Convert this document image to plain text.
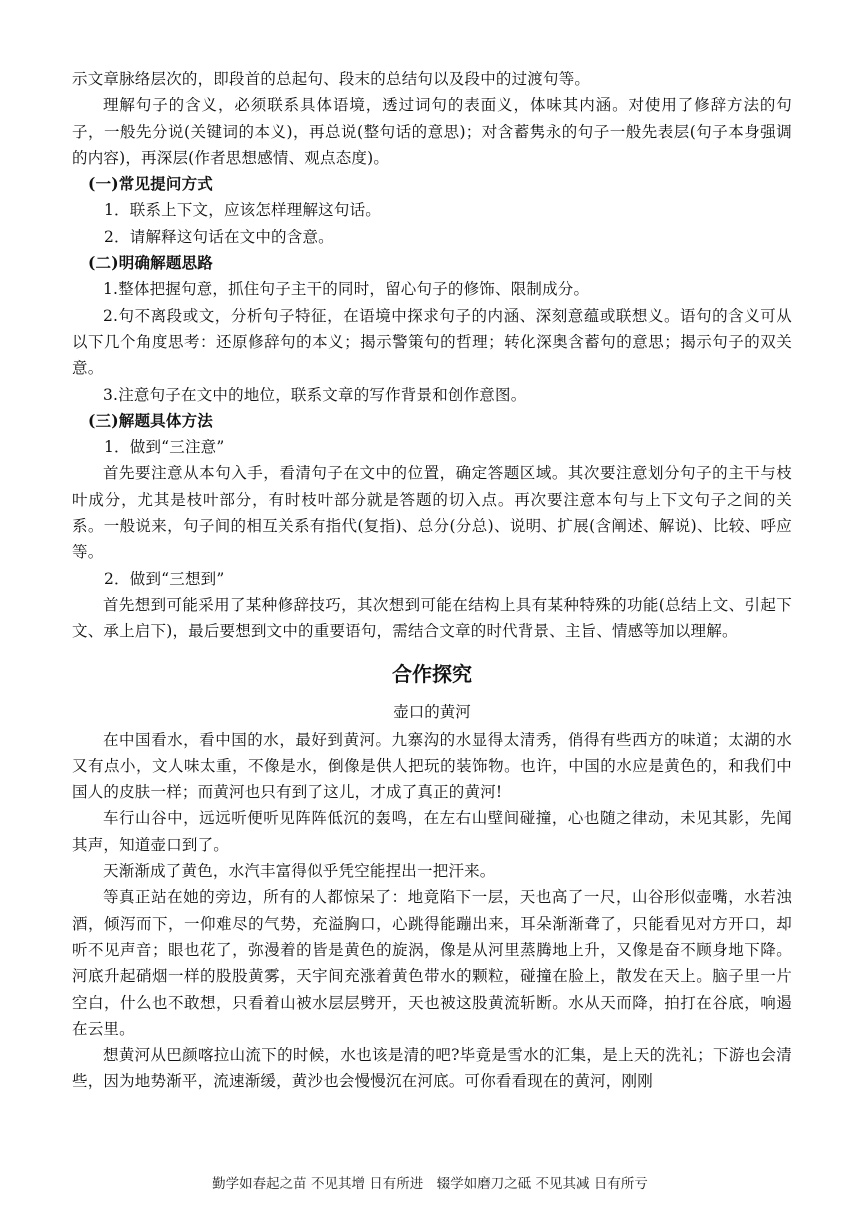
示文章脉络层次的，即段首的总起句、段末的总结句以及段中的过渡句等。

理解句子的含义，必须联系具体语境，透过词句的表面义，体味其内涵。对使用了修辞方法的句子，一般先分说(关键词的本义)，再总说(整句话的意思)；对含蓄隽永的句子一般先表层(句子本身强调的内容)，再深层(作者思想感情、观点态度)。

(一)常见提问方式

1．联系上下文，应该怎样理解这句话。

2．请解释这句话在文中的含意。

(二)明确解题思路

1.整体把握句意，抓住句子主干的同时，留心句子的修饰、限制成分。

2.句不离段或文，分析句子特征，在语境中探求句子的内涵、深刻意蕴或联想义。语句的含义可从以下几个角度思考：还原修辞句的本义；揭示警策句的哲理；转化深奥含蓄句的意思；揭示句子的双关意。

3.注意句子在文中的地位，联系文章的写作背景和创作意图。

(三)解题具体方法

1．做到“三注意”

首先要注意从本句入手，看清句子在文中的位置，确定答题区域。其次要注意划分句子的主干与枝叶成分，尤其是枝叶部分，有时枝叶部分就是答题的切入点。再次要注意本句与上下文句子之间的关系。一般说来，句子间的相互关系有指代(复指)、总分(分总)、说明、扩展(含阐述、解说)、比较、呼应等。

2．做到“三想到”

首先想到可能采用了某种修辞技巧，其次想到可能在结构上具有某种特殊的功能(总结上文、引起下文、承上启下)，最后要想到文中的重要语句，需结合文章的时代背景、主旨、情感等加以理解。

合作探究
壶口的黄河

在中国看水，看中国的水，最好到黄河。九寨沟的水显得太清秀，俏得有些西方的味道；太湖的水又有点小，文人味太重，不像是水，倒像是供人把玩的装饰物。也许，中国的水应是黄色的，和我们中国人的皮肤一样；而黄河也只有到了这儿，才成了真正的黄河!

车行山谷中，远远听便听见阵阵低沉的轰鸣，在左右山壁间碰撞，心也随之律动，未见其影，先闻其声，知道壶口到了。

天渐渐成了黄色，水汽丰富得似乎凭空能捏出一把汗来。

等真正站在她的旁边，所有的人都惊呆了：地竟陷下一层，天也高了一尺，山谷形似壶嘴，水若浊酒，倾泻而下，一仰难尽的气势，充溢胸口，心跳得能蹦出来，耳朵渐渐聋了，只能看见对方开口，却听不见声音；眼也花了，弥漫着的皆是黄色的旋涡，像是从河里蒸腾地上升，又像是奋不顾身地下降。河底升起硝烟一样的股股黄雾，天宇间充涨着黄色带水的颗粒，碰撞在脸上，散发在天上。脑子里一片空白，什么也不敢想，只看着山被水层层劈开，天也被这股黄流斩断。水从天而降，拍打在谷底，响遏在云里。

想黄河从巴颜喀拉山流下的时候，水也该是清的吧?毕竟是雪水的汇集，是上天的洗礼；下游也会清些，因为地势渐平，流速渐缓，黄沙也会慢慢沉在河底。可你看看现在的黄河，刚刚

勤学如春起之苗 不见其增 日有所进　辍学如磨刀之砥 不见其减 日有所亏
